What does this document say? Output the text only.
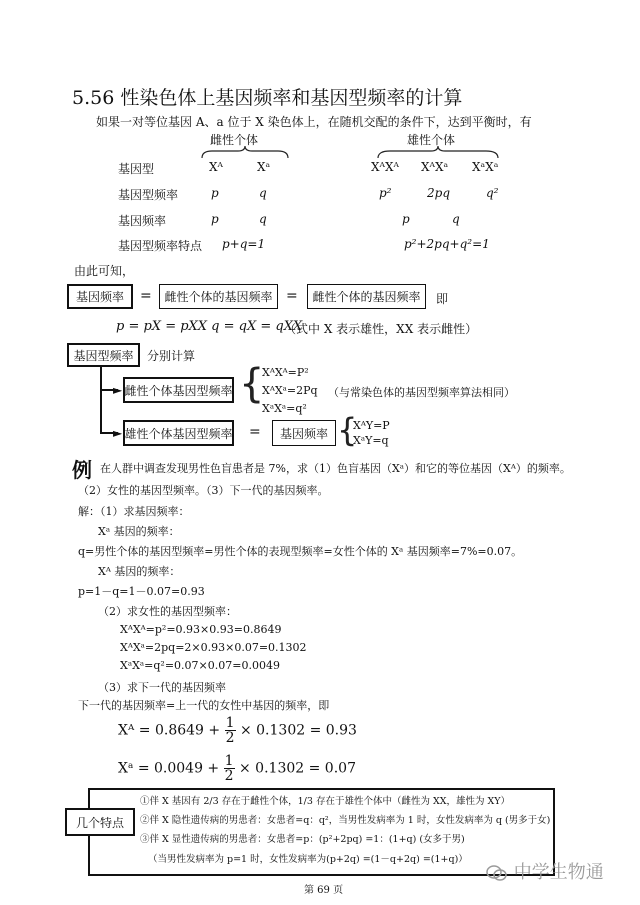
5.56 性染色体上基因频率和基因型频率的计算
如果一对等位基因 A、a 位于 X 染色体上，在随机交配的条件下，达到平衡时，有
雌性个体	雄性个体
基因型	Xᴬ	Xᵃ	XᴬXᴬ XᴬXᵃ XᵃXᵃ
基因型频率	p	q	p²	2pq	q²
基因频率	p	q	p	q
基因型频率特点 p+q=1	p²+2pq+q²=1
由此可知，
基因频率	=	雌性个体的基因频率 =	雌性个体的基因频率	即
p = pX = pXX q = qX = qXX
（式中 X 表示雄性，XX 表示雌性）
基因型频率	分别计算
►
►
雌性个体基因型频率 {
XᴬXᴬ=P²
XᴬXᵃ=2Pq （与常染色体的基因型频率算法相同）
XᵃXᵃ=q²
雄性个体基因型频率 =	基因频率 {
XᴬY=P
XᵃY=q
例 在人群中调查发现男性色盲患者是 7%，求（1）色盲基因（Xᵃ）和它的等位基因（Xᴬ）的频率。
（2）女性的基因型频率。（3）下一代的基因频率。
解：（1）求基因频率：
Xᵃ 基因的频率：
q=男性个体的基因型频率=男性个体的表现型频率=女性个体的 Xᵃ 基因频率=7%=0.07。
Xᴬ 基因的频率：
p=1－q=1－0.07=0.93
（2）求女性的基因型频率：
XᴬXᴬ=p²=0.93×0.93=0.8649
XᴬXᵃ=2pq=2×0.93×0.07=0.1302
XᵃXᵃ=q²=0.07×0.07=0.0049
（3）求下一代的基因频率
下一代的基因频率=上一代的女性中基因的频率，即
Xᴬ = $0.8649 + \frac{1}{2} \times 0.1302 = 0.93$
Xᵃ = $0.0049 + \frac{1}{2} \times 0.1302 = 0.07$
几个特点
①伴 X 基因有 2/3 存在于雌性个体，1/3 存在于雄性个体中（雌性为 XX，雄性为 XY）
②伴 X 隐性遗传病的男患者：女患者=q：q²，当男性发病率为 1 时，女性发病率为 q (男多于女)
③伴 X 显性遗传病的男患者：女患者=p：(p²+2pq) =1：(1+q) (女多于男)
（当男性发病率为 p=1 时，女性发病率为(p+2q) =(1－q+2q) =(1+q)）
第 69 页
中学生物通
